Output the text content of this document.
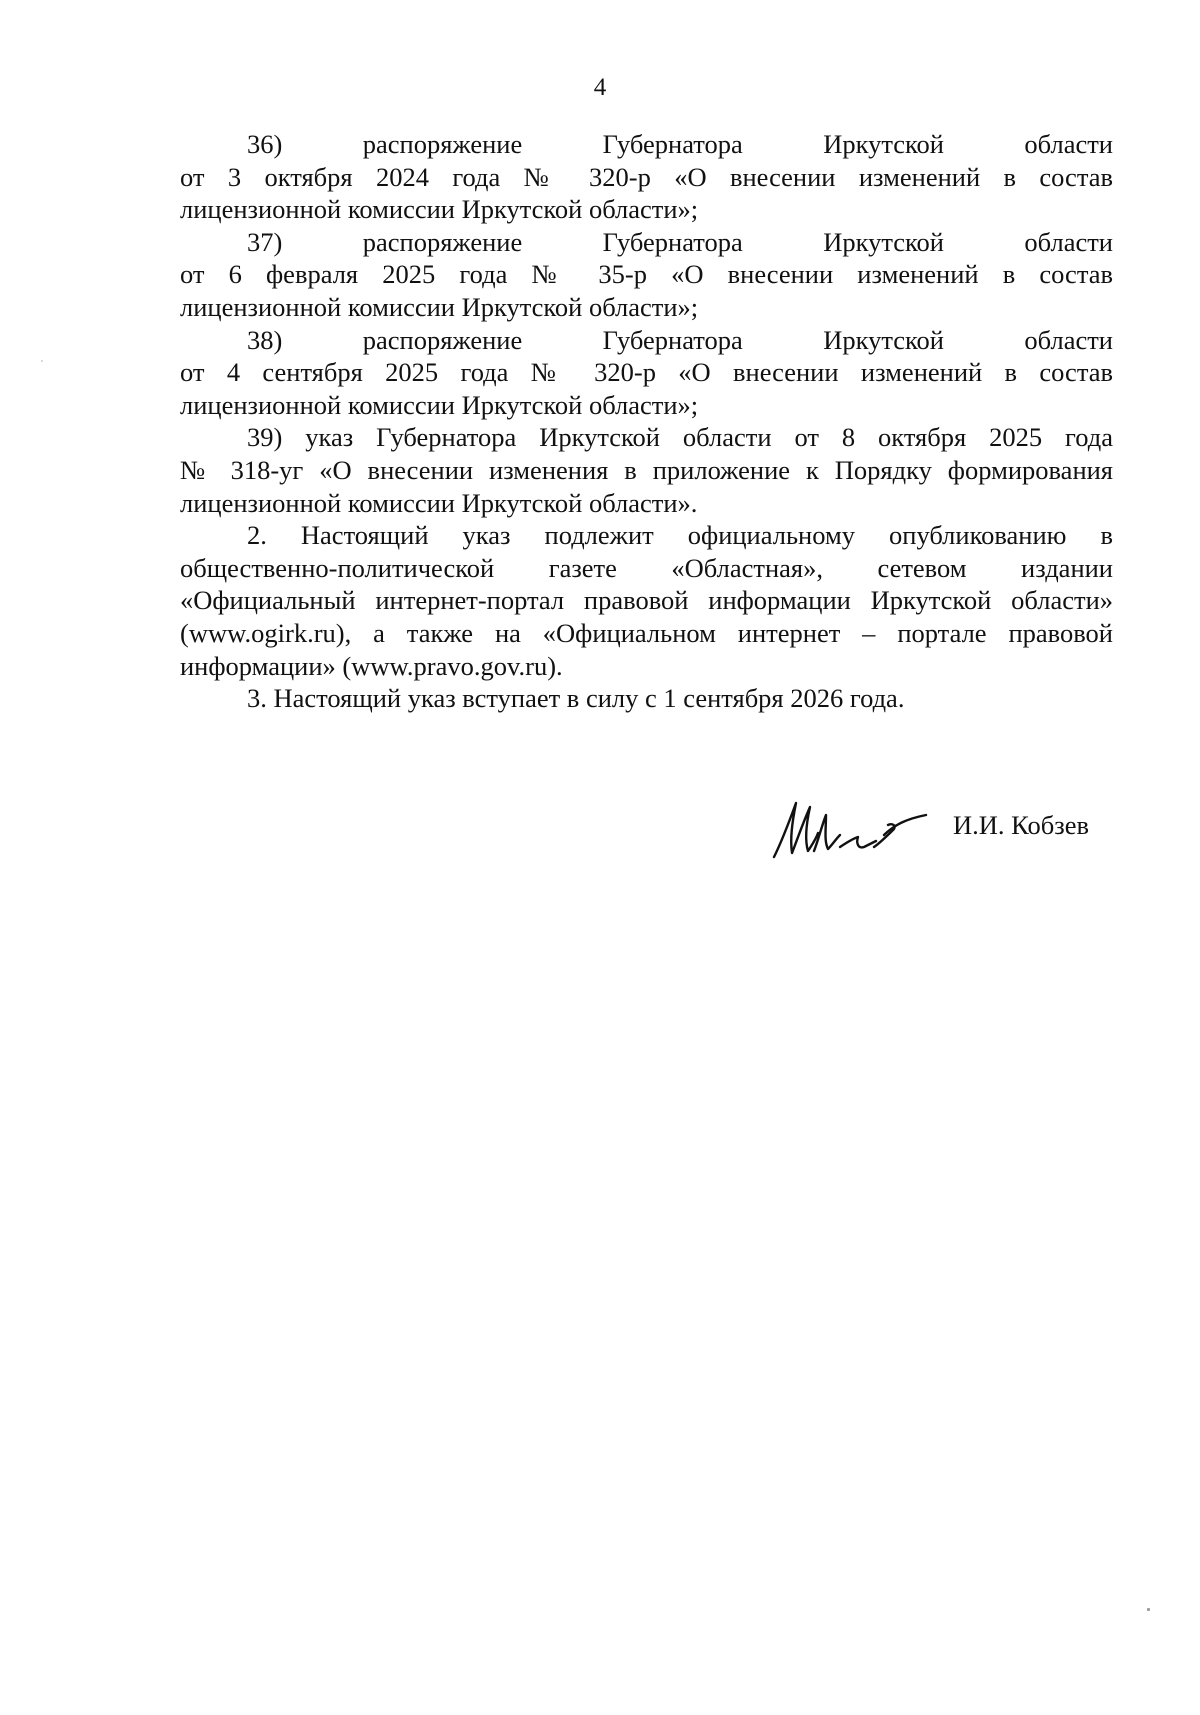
4

36) распоряжение Губернатора Иркутской области
от 3 октября 2024 года № 320-р «О внесении изменений в состав
лицензионной комиссии Иркутской области»;

37) распоряжение Губернатора Иркутской области
от 6 февраля 2025 года № 35-р «О внесении изменений в состав
лицензионной комиссии Иркутской области»;

38) распоряжение Губернатора Иркутской области
от 4 сентября 2025 года № 320-р «О внесении изменений в состав
лицензионной комиссии Иркутской области»;

39) указ Губернатора Иркутской области от 8 октября 2025 года
№ 318-уг «О внесении изменения в приложение к Порядку формирования
лицензионной комиссии Иркутской области».

2. Настоящий указ подлежит официальному опубликованию в
общественно-политической газете «Областная», сетевом издании
«Официальный интернет-портал правовой информации Иркутской области»
(www.ogirk.ru), а также на «Официальном интернет – портале правовой
информации» (www.pravo.gov.ru).

3. Настоящий указ вступает в силу с 1 сентября 2026 года.

И.И. Кобзев
